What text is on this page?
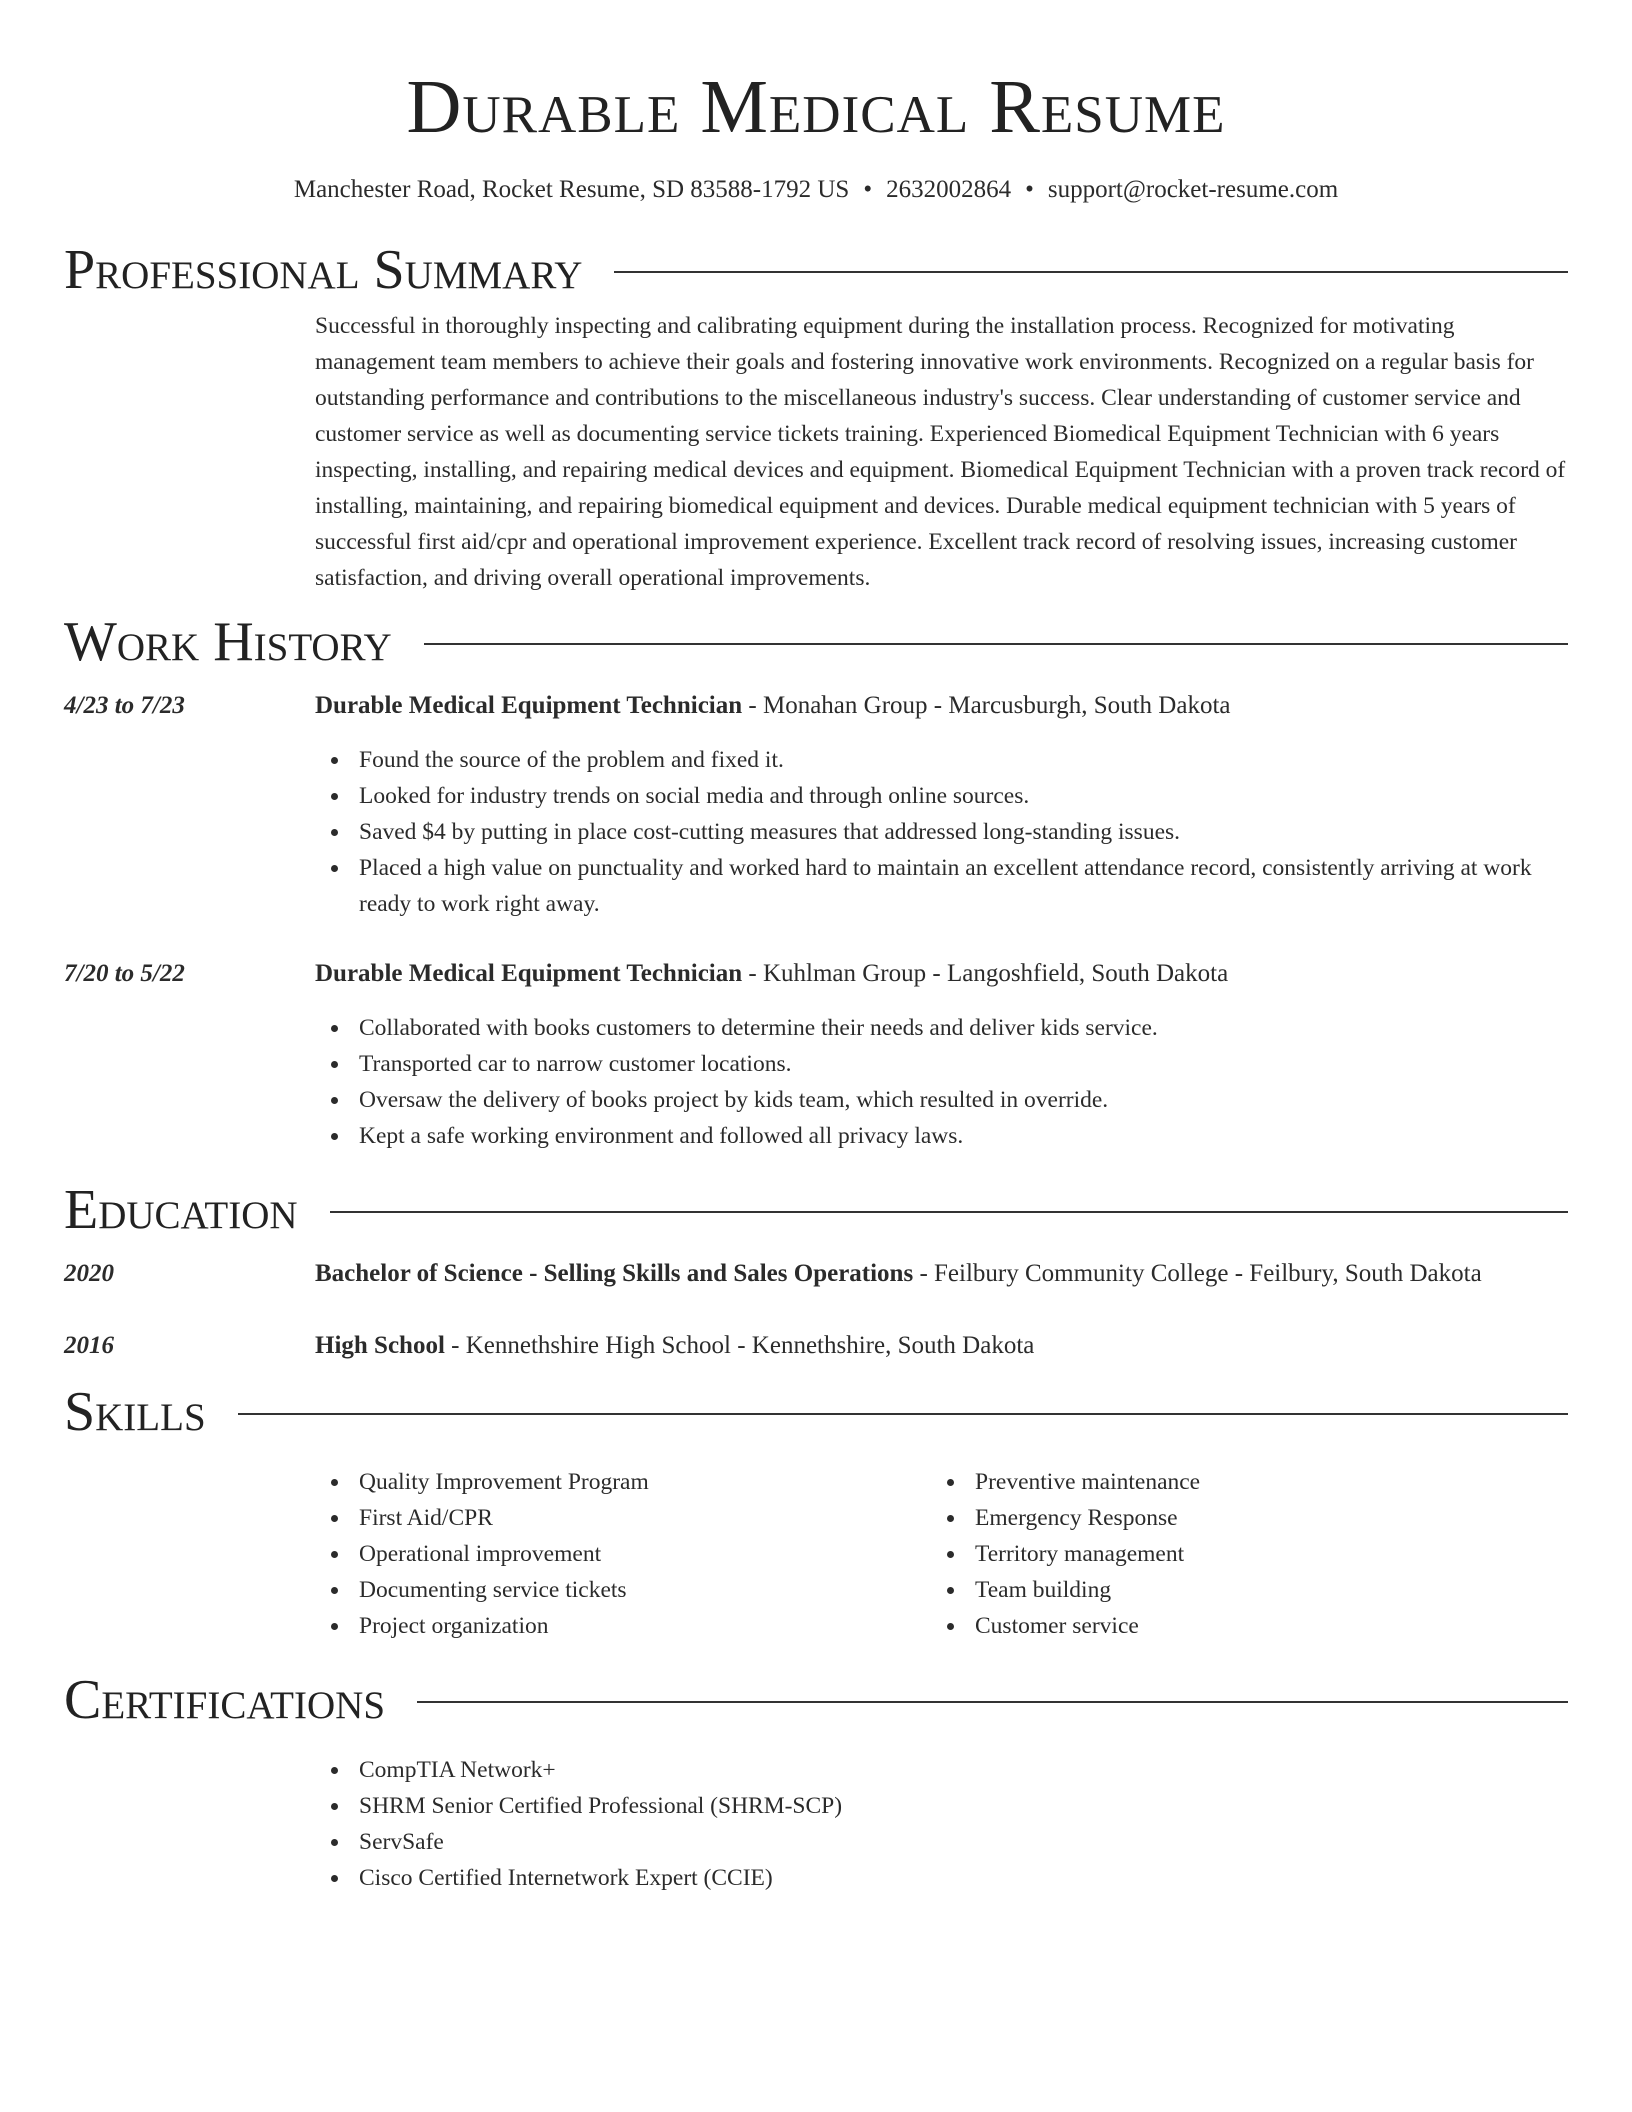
Durable Medical Resume
Manchester Road, Rocket Resume, SD 83588-1792 US • 2632002864 • support@rocket-resume.com
Professional Summary
Successful in thoroughly inspecting and calibrating equipment during the installation process. Recognized for motivating management team members to achieve their goals and fostering innovative work environments. Recognized on a regular basis for outstanding performance and contributions to the miscellaneous industry's success. Clear understanding of customer service and customer service as well as documenting service tickets training. Experienced Biomedical Equipment Technician with 6 years inspecting, installing, and repairing medical devices and equipment. Biomedical Equipment Technician with a proven track record of installing, maintaining, and repairing biomedical equipment and devices. Durable medical equipment technician with 5 years of successful first aid/cpr and operational improvement experience. Excellent track record of resolving issues, increasing customer satisfaction, and driving overall operational improvements.
Work History
4/23 to 7/23	Durable Medical Equipment Technician - Monahan Group - Marcusburgh, South Dakota
Found the source of the problem and fixed it.
Looked for industry trends on social media and through online sources.
Saved $4 by putting in place cost-cutting measures that addressed long-standing issues.
Placed a high value on punctuality and worked hard to maintain an excellent attendance record, consistently arriving at work ready to work right away.
7/20 to 5/22	Durable Medical Equipment Technician - Kuhlman Group - Langoshfield, South Dakota
Collaborated with books customers to determine their needs and deliver kids service.
Transported car to narrow customer locations.
Oversaw the delivery of books project by kids team, which resulted in override.
Kept a safe working environment and followed all privacy laws.
Education
2020	Bachelor of Science - Selling Skills and Sales Operations - Feilbury Community College - Feilbury, South Dakota
2016	High School - Kennethshire High School - Kennethshire, South Dakota
Skills
Quality Improvement Program
First Aid/CPR
Operational improvement
Documenting service tickets
Project organization
Preventive maintenance
Emergency Response
Territory management
Team building
Customer service
Certifications
CompTIA Network+
SHRM Senior Certified Professional (SHRM-SCP)
ServSafe
Cisco Certified Internetwork Expert (CCIE)
